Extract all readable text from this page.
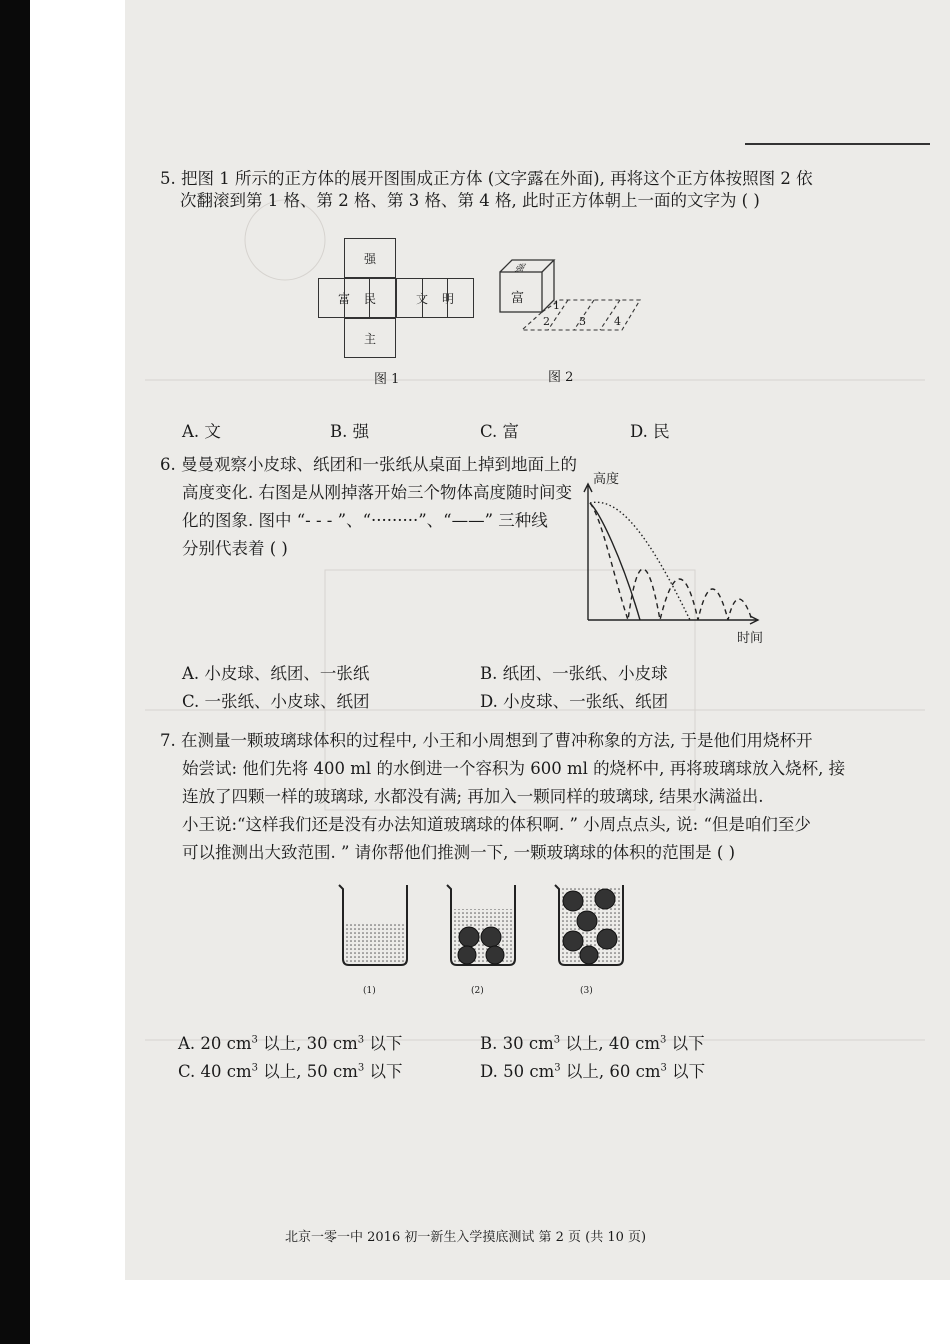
5. 把图 1 所示的正方体的展开图围成正方体 (文字露在外面), 再将这个正方体按照图 2 依
次翻滚到第 1 格、第 2 格、第 3 格、第 4 格, 此时正方体朝上一面的文字为 ( )
强
富	民	文	明
主
图 1
富
强
1
2	3	4
图 2
A. 文	B. 强	C. 富	D. 民
6. 曼曼观察小皮球、纸团和一张纸从桌面上掉到地面上的
高度变化. 右图是从刚掉落开始三个物体高度随时间变
化的图象. 图中 “- - - ”、“·········”、“——” 三种线
分别代表着 ( )
高度
时间
A. 小皮球、纸团、一张纸	B. 纸团、一张纸、小皮球
C. 一张纸、小皮球、纸团	D. 小皮球、一张纸、纸团
7. 在测量一颗玻璃球体积的过程中, 小王和小周想到了曹冲称象的方法, 于是他们用烧杯开
始尝试: 他们先将 400 ml 的水倒进一个容积为 600 ml 的烧杯中, 再将玻璃球放入烧杯, 接
连放了四颗一样的玻璃球, 水都没有满; 再加入一颗同样的玻璃球, 结果水满溢出.
小王说:“这样我们还是没有办法知道玻璃球的体积啊. ” 小周点点头, 说: “但是咱们至少
可以推测出大致范围. ” 请你帮他们推测一下, 一颗玻璃球的体积的范围是 ( )
(1)	(2)	(3)
A. 20 $cm^3$ 以上, 30 $cm^3$ 以下	B. 30 $cm^3$ 以上, 40 $cm^3$ 以下
C. 40 $cm^3$ 以上, 50 $cm^3$ 以下	D. 50 $cm^3$ 以上, 60 $cm^3$ 以下
北京一零一中 2016 初一新生入学摸底测试 第 2 页 (共 10 页)
